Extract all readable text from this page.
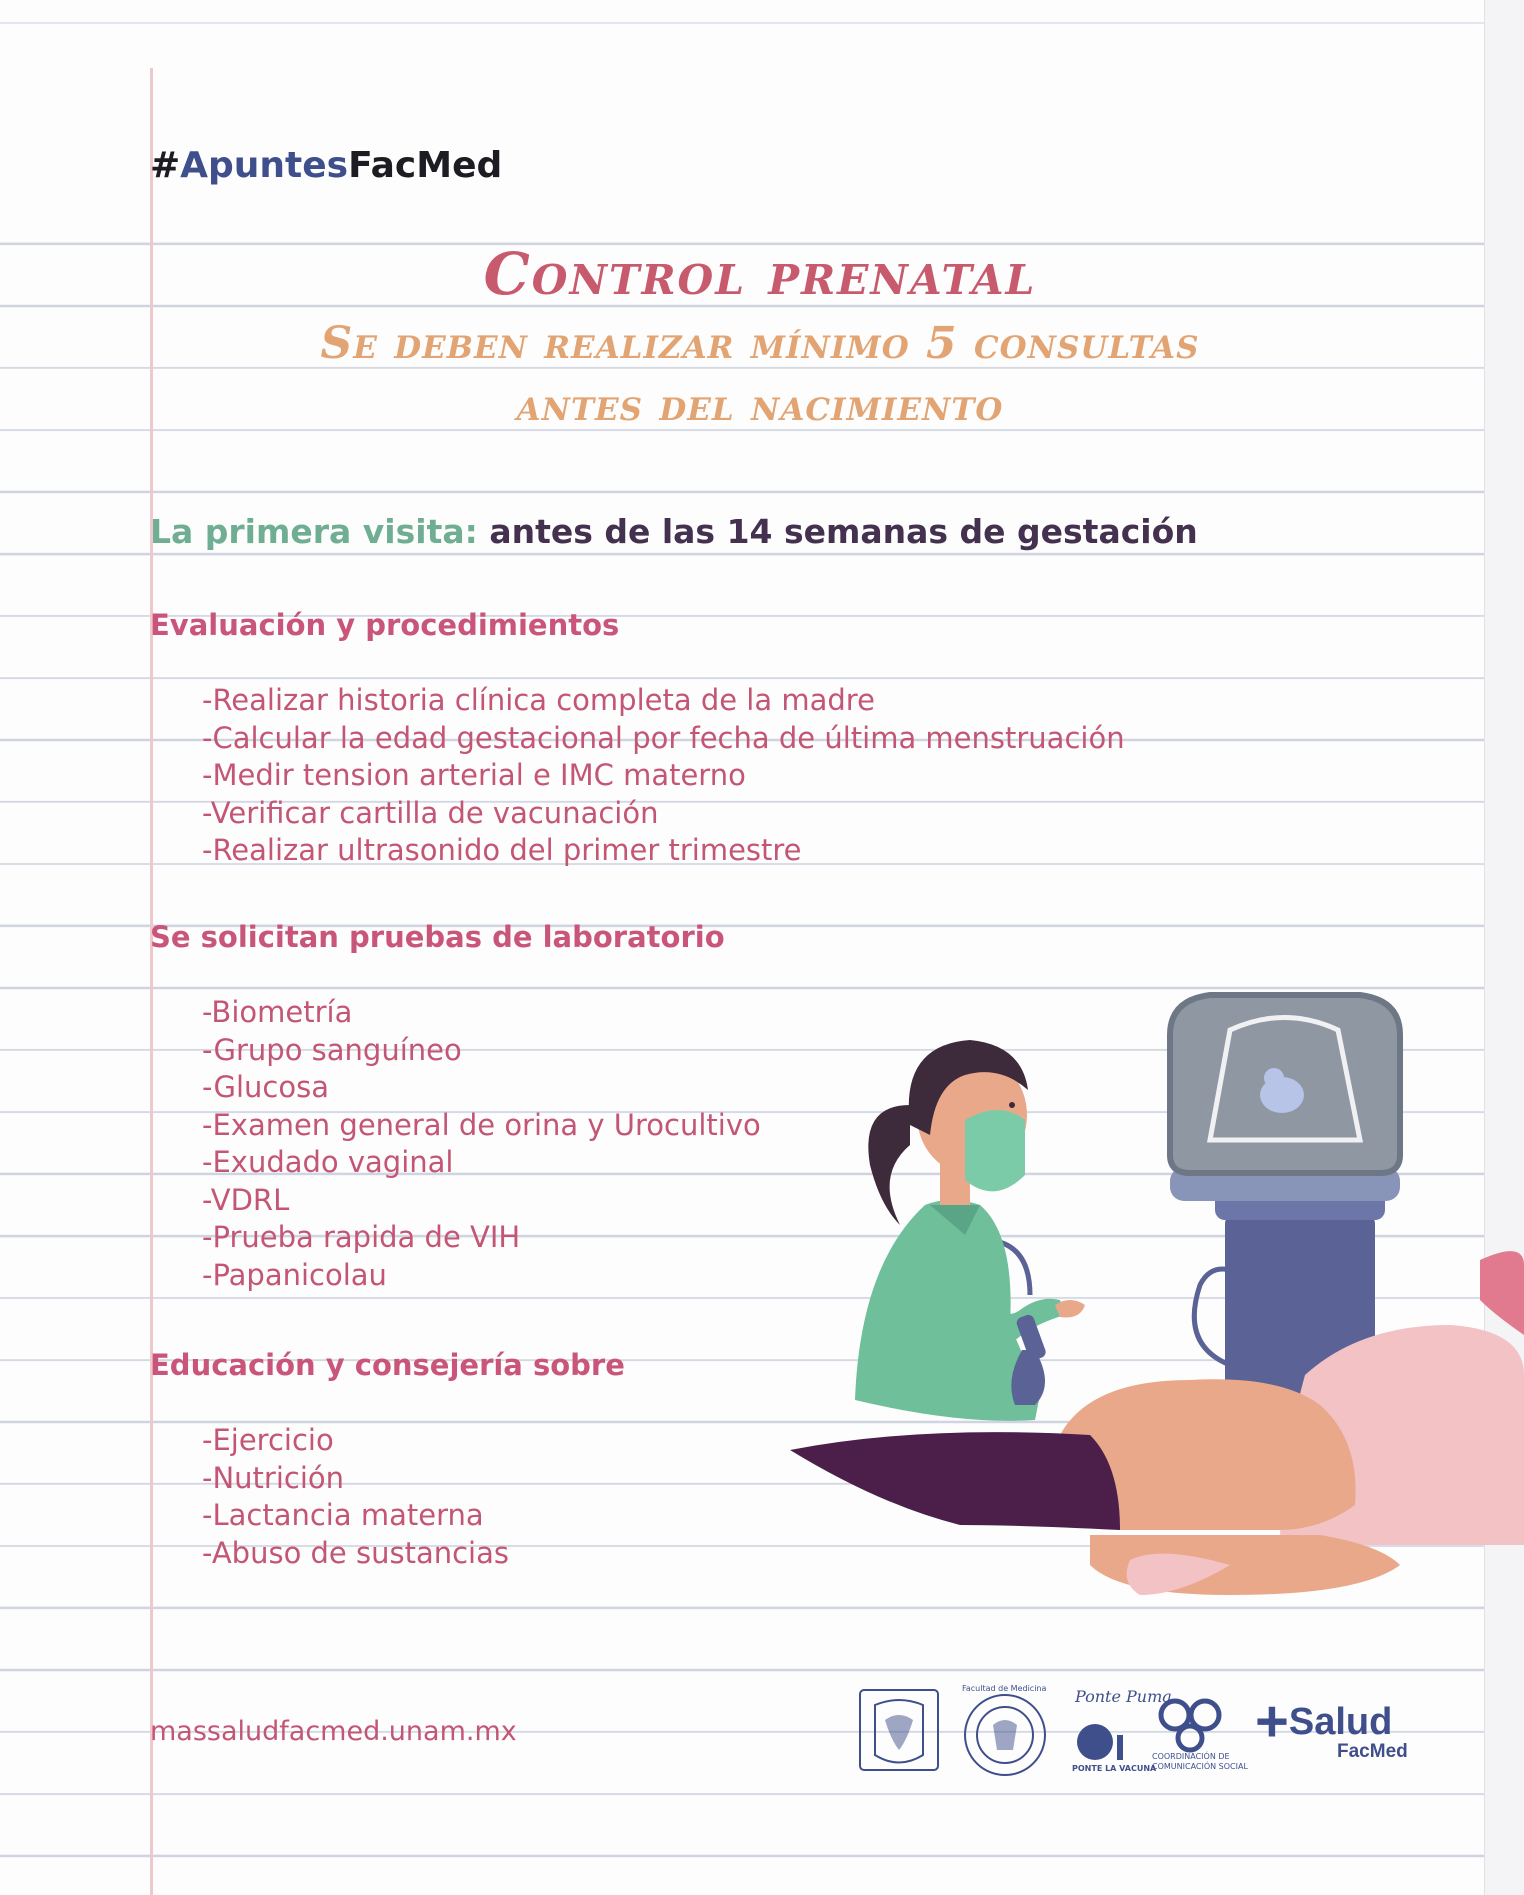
#ApuntesFacMed
Control prenatal
Se deben realizar mínimo 5 consultas
antes del nacimiento
La primera visita: antes de las 14 semanas de gestación
Evaluación y procedimientos
-Realizar historia clínica completa de la madre
-Calcular la edad gestacional por fecha de última menstruación
-Medir tension arterial e IMC materno
-Verificar cartilla de vacunación
-Realizar ultrasonido del primer trimestre
Se solicitan pruebas de laboratorio
-Biometría
-Grupo sanguíneo
-Glucosa
-Examen general de orina y Urocultivo
-Exudado vaginal
-VDRL
-Prueba rapida de VIH
-Papanicolau
Educación y consejería sobre
-Ejercicio
-Nutrición
-Lactancia materna
-Abuso de sustancias
massaludfacmed.unam.mx
Facultad de Medicina Ponte Puma
PONTE LA VACUNA
COORDINACIÓN DE COMUNICACIÓN SOCIAL
+Salud
FacMed
